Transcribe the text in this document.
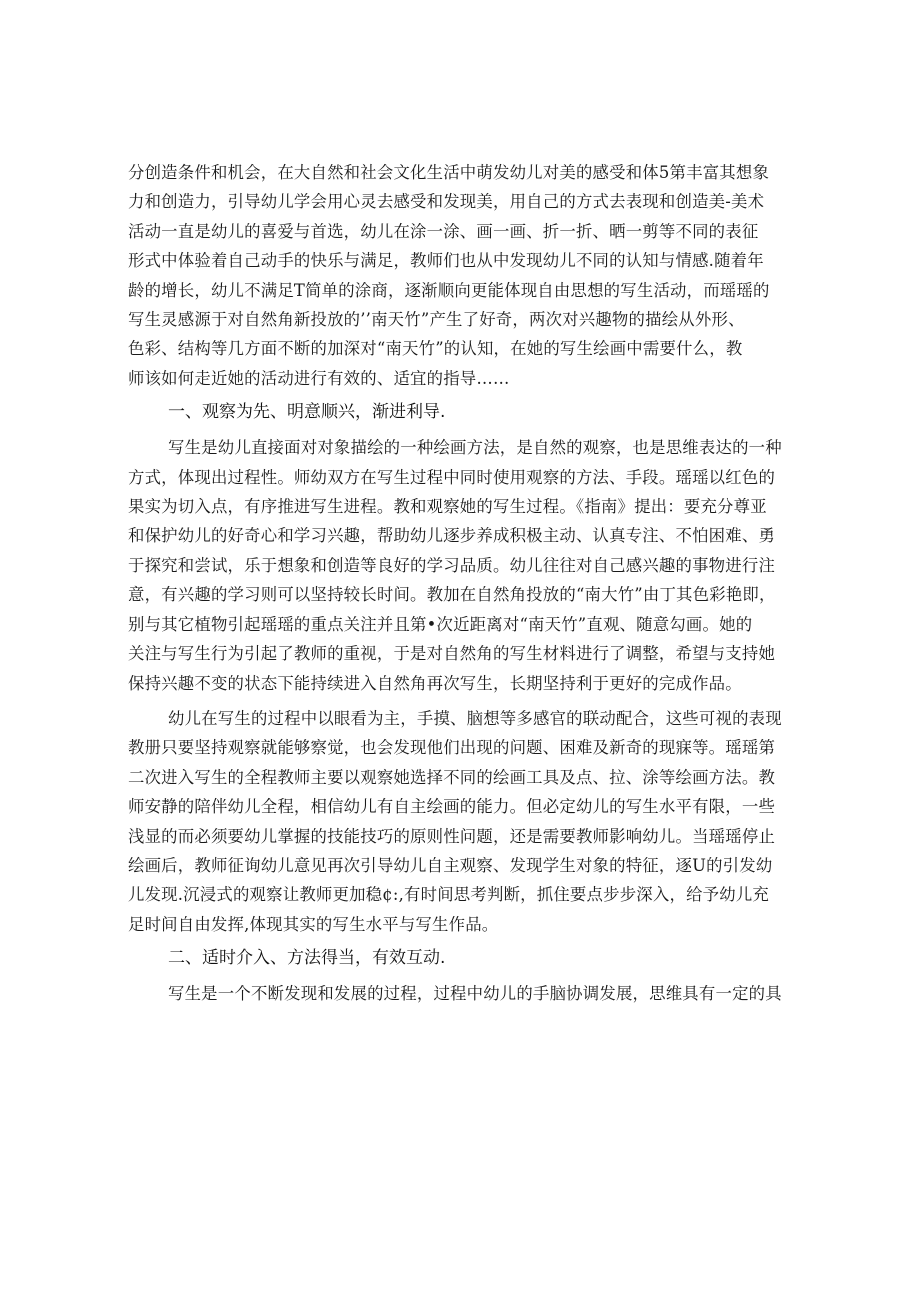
分创造条件和机会，在大自然和社会文化生活中萌发幼儿对美的感受和体5第丰富其想象
力和创造力，引导幼儿学会用心灵去感受和发现美，用自己的方式去表现和创造美-美术
活动一直是幼儿的喜爱与首选，幼儿在涂一涂、画一画、折一折、晒一剪等不同的表征
形式中体验着自己动手的快乐与满足，教师们也从中发现幼儿不同的认知与情感.随着年
龄的增长，幼儿不满足T简单的涂商，逐渐顺向更能体现自由思想的写生活动，而瑶瑶的
写生灵感源于对自然角新投放的’’南天竹”产生了好奇，两次对兴趣物的描绘从外形、
色彩、结构等几方面不断的加深对“南天竹”的认知，在她的写生绘画中需要什么，教
师该如何走近她的活动进行有效的、适宜的指导……
一、观察为先、明意顺兴，渐进利导.
写生是幼儿直接面对对象描绘的一种绘画方法，是自然的观察，也是思维表达的一种
方式，体现出过程性。师幼双方在写生过程中同时使用观察的方法、手段。瑶瑶以红色的
果实为切入点，有序推进写生进程。教和观察她的写生过程。《指南》提出：要充分尊亚
和保护幼儿的好奇心和学习兴趣，帮助幼儿逐步养成积极主动、认真专注、不怕困难、勇
于探究和尝试，乐于想象和创造等良好的学习品质。幼儿往往对自己感兴趣的事物进行注
意，有兴趣的学习则可以坚持较长时间。教加在自然角投放的“南大竹”由丁其色彩艳即，
别与其它植物引起瑶瑶的重点关注并且第•次近距离对“南天竹”直观、随意勾画。她的
关注与写生行为引起了教师的重视，于是对自然角的写生材料进行了调整，希望与支持她
保持兴趣不变的状态下能持续进入自然角再次写生，长期坚持利于更好的完成作品。
幼儿在写生的过程中以眼看为主，手摸、脑想等多感官的联动配合，这些可视的表现
教册只要坚持观察就能够察觉，也会发现他们出现的问题、困难及新奇的现寐等。瑶瑶第
二次进入写生的全程教师主要以观察她选择不同的绘画工具及点、拉、涂等绘画方法。教
师安静的陪伴幼儿全程，相信幼儿有自主绘画的能力。但必定幼儿的写生水平有限，一些
浅显的而必须要幼儿掌握的技能技巧的原则性问题，还是需要教师影响幼儿。当瑶瑶停止
绘画后，教师征询幼儿意见再次引导幼儿自主观察、发现学生对象的特征，逐U的引发幼
儿发现.沉浸式的观察让教师更加稳¢:,有时间思考判断，抓住要点步步深入，给予幼儿充
足时间自由发挥,体现其实的写生水平与写生作品。
二、适时介入、方法得当，有效互动.
写生是一个不断发现和发展的过程，过程中幼儿的手脑协调发展，思维具有一定的具
